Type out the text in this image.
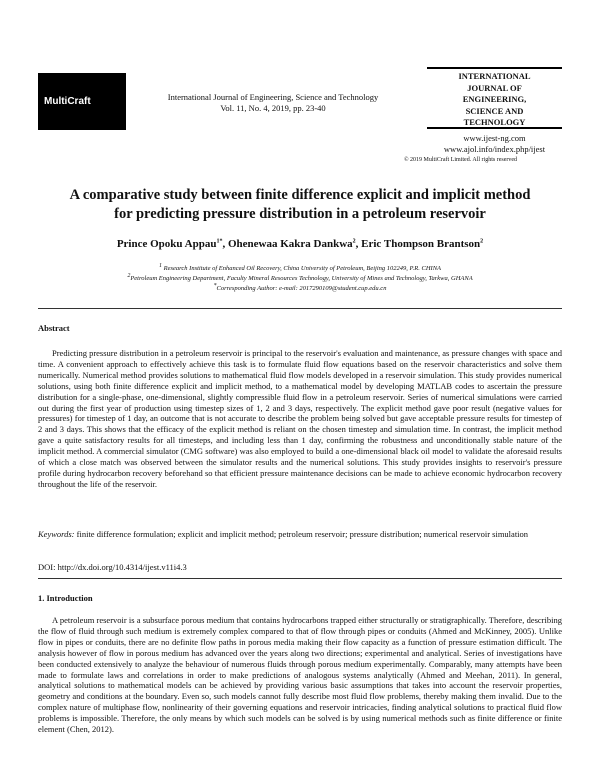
MultiCraft	International Journal of Engineering, Science and Technology
Vol. 11, No. 4, 2019, pp. 23-40
INTERNATIONAL
JOURNAL OF
ENGINEERING,
SCIENCE AND
TECHNOLOGY
www.ijest-ng.com
www.ajol.info/index.php/ijest
© 2019 MultiCraft Limited. All rights reserved
A comparative study between finite difference explicit and implicit method
for predicting pressure distribution in a petroleum reservoir
Prince Opoku Appau$^{1*}$, Ohenewaa Kakra Dankwa$^2$, Eric Thompson Brantson$^2$
$^1$ Research Institute of Enhanced Oil Recovery, China University of Petroleum, Beijing 102249, P.R. CHINA
$^2$Petroleum Engineering Department, Faculty Mineral Resources Technology, University of Mines and Technology, Tarkwa, GHANA
*Corresponding Author: e-mail: 2017290109@student.cup.edu.cn
Abstract

Predicting pressure distribution in a petroleum reservoir is principal to the reservoir's evaluation and maintenance, as pressure changes with space and time. A convenient approach to effectively achieve this task is to formulate fluid flow equations based on the reservoir characteristics and solve them numerically. Numerical method provides solutions to mathematical fluid flow models developed in a reservoir simulation. This study provides numerical solutions, using both finite difference explicit and implicit method, to a mathematical model by developing MATLAB codes to ascertain the pressure distribution for a single-phase, one-dimensional, slightly compressible fluid flow in a petroleum reservoir. Series of numerical simulations were carried out during the first year of production using timestep sizes of 1, 2 and 3 days, respectively. The explicit method gave poor result (negative values for pressures) for timestep of 1 day, an outcome that is not accurate to describe the problem being solved but gave acceptable pressure results for timestep of 2 and 3 days. This shows that the efficacy of the explicit method is reliant on the chosen timestep and simulation time. In contrast, the implicit method gave a quite satisfactory results for all timesteps, and including less than 1 day, confirming the robustness and unconditionally stable nature of the implicit method. A commercial simulator (CMG software) was also employed to build a one-dimensional black oil model to validate the aforesaid results of which a close match was observed between the simulator results and the numerical solutions. This study provides insights to reservoir's pressure profile during hydrocarbon recovery beforehand so that efficient pressure maintenance decisions can be made to achieve economic hydrocarbon recovery throughout the life of the reservoir.

Keywords: finite difference formulation; explicit and implicit method; petroleum reservoir; pressure distribution; numerical reservoir simulation

DOI: http://dx.doi.org/10.4314/ijest.v11i4.3
1. Introduction

A petroleum reservoir is a subsurface porous medium that contains hydrocarbons trapped either structurally or stratigraphically. Therefore, describing the flow of fluid through such medium is extremely complex compared to that of flow through pipes or conduits (Ahmed and McKinney, 2005). Unlike flow in pipes or conduits, there are no definite flow paths in porous media making their flow capacity as a function of pressure estimation difficult. The analysis however of flow in porous medium has advanced over the years along two directions; experimental and analytical. Series of investigations have been conducted extensively to analyze the behaviour of numerous fluids through porous medium experimentally. Comparably, many attempts have been made to formulate laws and correlations in order to make predictions of analogous systems analytically (Ahmed and Meehan, 2011). In general, analytical solutions to mathematical models can be achieved by providing various basic assumptions that takes into account the reservoir properties, geometry and conditions at the boundary. Even so, such models cannot fully describe most fluid flow problems, thereby making them invalid. Due to the complex nature of multiphase flow, nonlinearity of their governing equations and reservoir intricacies, finding analytical solutions to practical fluid flow problems is impossible. Therefore, the only means by which such models can be solved is by using numerical methods such as finite difference or finite element (Chen, 2012).
